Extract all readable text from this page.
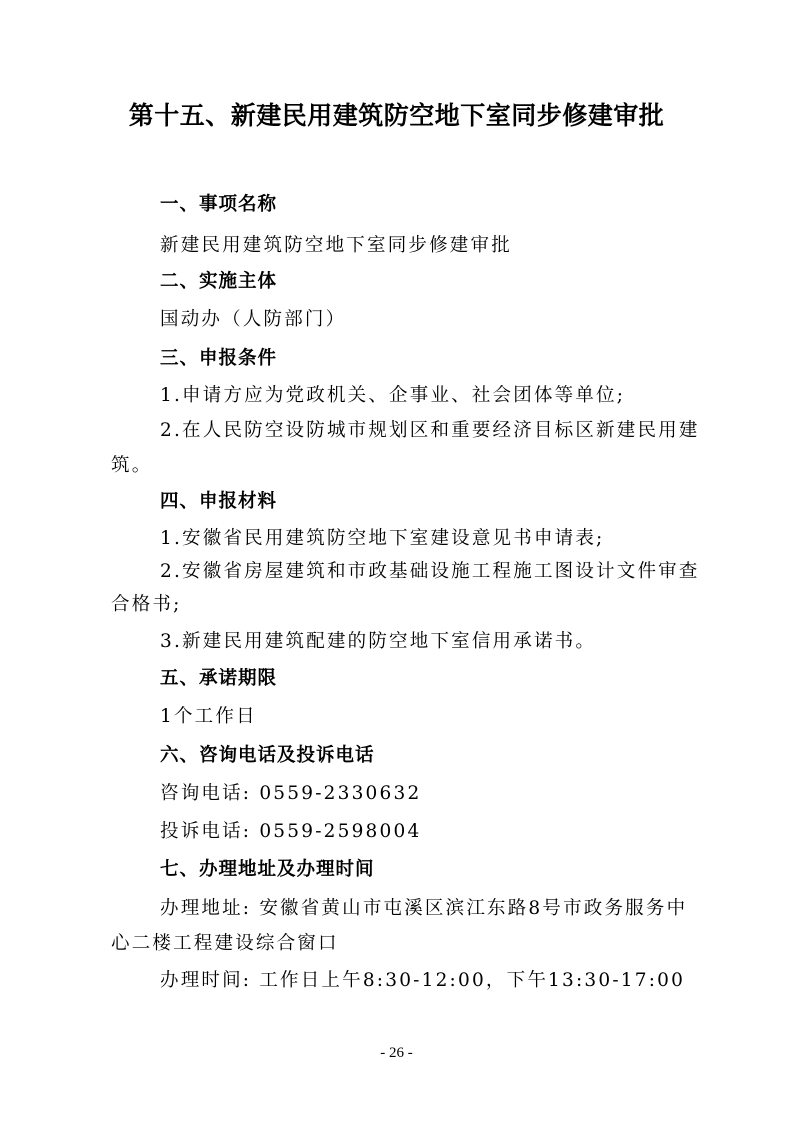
第十五、新建民用建筑防空地下室同步修建审批
一、事项名称
新建民用建筑防空地下室同步修建审批
二、实施主体
国动办（人防部门）
三、申报条件
1.申请方应为党政机关、企事业、社会团体等单位;
2.在人民防空设防城市规划区和重要经济目标区新建民用建
筑。
四、申报材料
1.安徽省民用建筑防空地下室建设意见书申请表;
2.安徽省房屋建筑和市政基础设施工程施工图设计文件审查
合格书;
3.新建民用建筑配建的防空地下室信用承诺书。
五、承诺期限
1个工作日
六、咨询电话及投诉电话
咨询电话: 0559-2330632
投诉电话: 0559-2598004
七、办理地址及办理时间
办理地址: 安徽省黄山市屯溪区滨江东路8号市政务服务中
心二楼工程建设综合窗口
办理时间: 工作日上午8:30-12:00，下午13:30-17:00
- 26 -
